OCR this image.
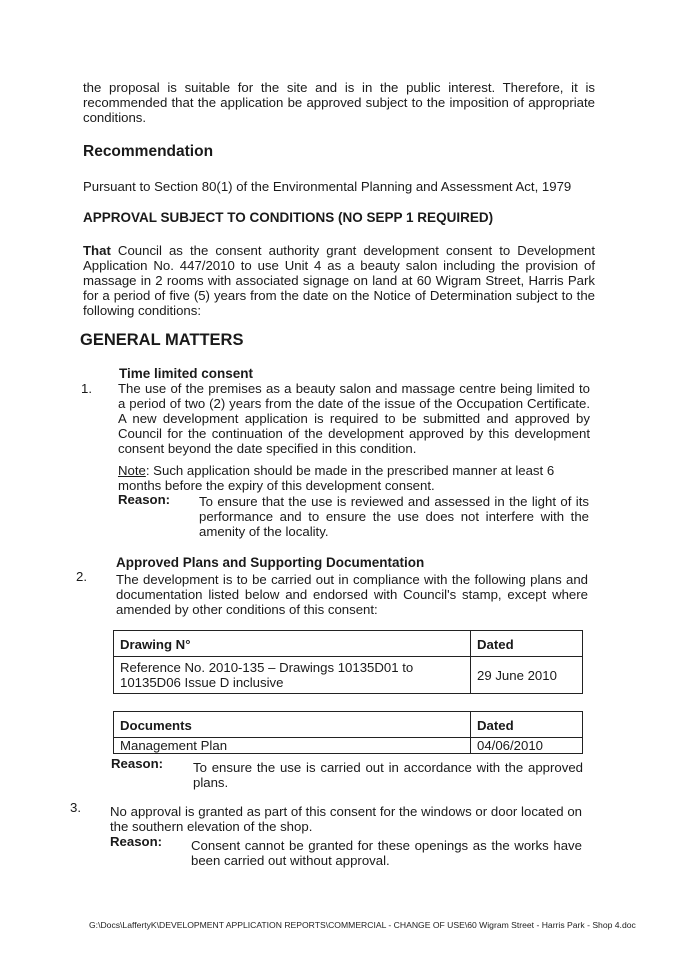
the proposal is suitable for the site and is in the public interest. Therefore, it is recommended that the application be approved subject to the imposition of appropriate conditions.
Recommendation
Pursuant to Section 80(1) of the Environmental Planning and Assessment Act, 1979
APPROVAL SUBJECT TO CONDITIONS (NO SEPP 1 REQUIRED)
That Council as the consent authority grant development consent to Development Application No. 447/2010 to use Unit 4 as a beauty salon including the provision of massage in 2 rooms with associated signage on land at 60 Wigram Street, Harris Park for a period of five (5) years from the date on the Notice of Determination subject to the following conditions:
GENERAL MATTERS
Time limited consent
1. The use of the premises as a beauty salon and massage centre being limited to a period of two (2) years from the date of the issue of the Occupation Certificate. A new development application is required to be submitted and approved by Council for the continuation of the development approved by this development consent beyond the date specified in this condition.
Note: Such application should be made in the prescribed manner at least 6 months before the expiry of this development consent.
Reason: To ensure that the use is reviewed and assessed in the light of its performance and to ensure the use does not interfere with the amenity of the locality.
Approved Plans and Supporting Documentation
2. The development is to be carried out in compliance with the following plans and documentation listed below and endorsed with Council's stamp, except where amended by other conditions of this consent:
Drawing N°	Dated
Reference No. 2010-135 – Drawings 10135D01 to 10135D06 Issue D inclusive	29 June 2010
Documents	Dated
Management Plan	04/06/2010
Reason: To ensure the use is carried out in accordance with the approved plans.
3. No approval is granted as part of this consent for the windows or door located on the southern elevation of the shop.
Reason: Consent cannot be granted for these openings as the works have been carried out without approval.
G:\Docs\LaffertyK\DEVELOPMENT APPLICATION REPORTS\COMMERCIAL - CHANGE OF USE\60 Wigram Street - Harris Park - Shop 4.doc
